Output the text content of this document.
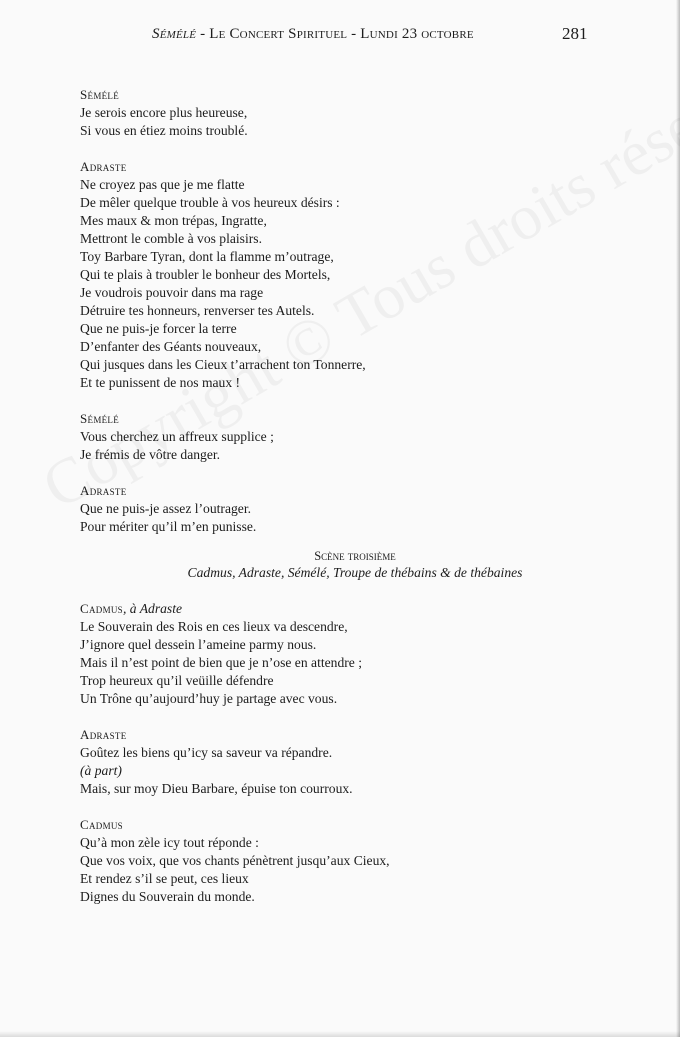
Sémélé - Le Concert Spirituel - Lundi 23 octobre	281
Sémélé
Je serois encore plus heureuse,
Si vous en étiez moins troublé.
Adraste
Ne croyez pas que je me flatte
De mêler quelque trouble à vos heureux désirs :
Mes maux & mon trépas, Ingratte,
Mettront le comble à vos plaisirs.
Toy Barbare Tyran, dont la flamme m’outrage,
Qui te plais à troubler le bonheur des Mortels,
Je voudrois pouvoir dans ma rage
Détruire tes honneurs, renverser tes Autels.
Que ne puis-je forcer la terre
D’enfanter des Géants nouveaux,
Qui jusques dans les Cieux t’arrachent ton Tonnerre,
Et te punissent de nos maux !
Sémélé
Vous cherchez un affreux supplice ;
Je frémis de vôtre danger.
Adraste
Que ne puis-je assez l’outrager.
Pour mériter qu’il m’en punisse.
Scène troisième
Cadmus, Adraste, Sémélé, Troupe de thébains & de thébaines
Cadmus, à Adraste
Le Souverain des Rois en ces lieux va descendre,
J’ignore quel dessein l’ameine parmy nous.
Mais il n’est point de bien que je n’ose en attendre ;
Trop heureux qu’il veüille défendre
Un Trône qu’aujourd’huy je partage avec vous.
Adraste
Goûtez les biens qu’icy sa saveur va répandre.
(à part)
Mais, sur moy Dieu Barbare, épuise ton courroux.
Cadmus
Qu’à mon zèle icy tout réponde :
Que vos voix, que vos chants pénètrent jusqu’aux Cieux,
Et rendez s’il se peut, ces lieux
Dignes du Souverain du monde.
